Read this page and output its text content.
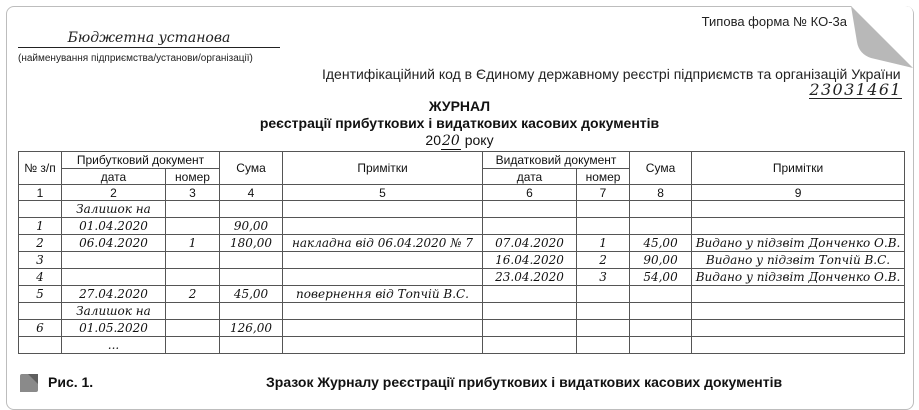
Типова форма № КО-3а
Бюджетна установа
(найменування підприємства/установи/організації)
Ідентифікаційний код в Єдиному державному реєстрі підприємств та організацій України
23031461
ЖУРНАЛ
реєстрації прибуткових і видаткових касових документів
2020 року
№ з/п	Прибутковий документ		Сума	Примітки	Видатковий документ		Сума	Примітки
	дата	номер			дата	номер		
1	2	3	4	5	6	7	8	9
	Залишок на							
1	01.04.2020		90,00					
2	06.04.2020	1	180,00	накладна від 06.04.2020 № 7	07.04.2020	1	45,00	Видано у підзвіт Донченко О.В.
3					16.04.2020	2	90,00	Видано у підзвіт Топчій В.С.
4					23.04.2020	3	54,00	Видано у підзвіт Донченко О.В.
5	27.04.2020	2	45,00	повернення від Топчій В.С.				
	Залишок на							
6	01.05.2020		126,00					
	...							
Рис. 1.	Зразок Журналу реєстрації прибуткових і видаткових касових документів
